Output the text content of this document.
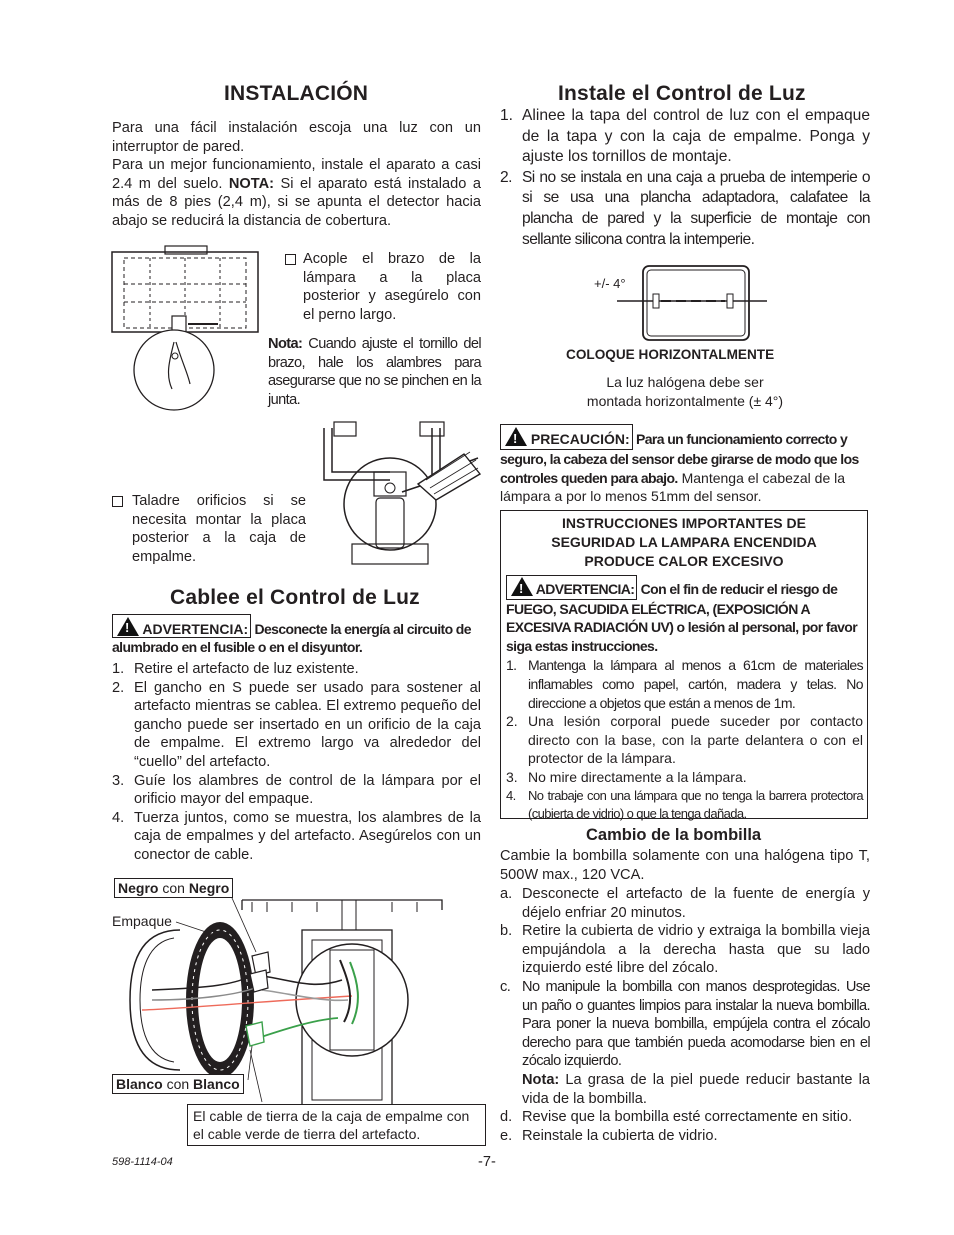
INSTALACIÓN

Para una fácil instalación escoja una luz con un interruptor de pared.

Para un mejor funcionamiento, instale el aparato a casi 2.4 m del suelo. NOTA: Si el aparato está instalado a más de 8 pies (2,4 m), si se apunta el detector hacia abajo se reducirá la distancia de cobertura.

Acople el brazo de la lámpara a la placa posterior y asegúrelo con el perno largo.

Nota: Cuando ajuste el tornillo del brazo, hale los alambres para asegurarse que no se pinchen en la junta.

Taladre orificios si se necesita montar la placa posterior a la caja de empalme.
Cablee el Control de Luz
! ADVERTENCIA: Desconecte la energía al circuito de alumbrado en el fusible o en el disyuntor.
1. Retire el artefacto de luz existente.
2. El gancho en S puede ser usado para sostener al artefacto mientras se cablea. El extremo pequeño del gancho puede ser insertado en un orificio de la caja de empalme. El extremo largo va alrededor del “cuello” del artefacto.
3. Guíe los alambres de control de la lámpara por el orificio mayor del empaque.
4. Tuerza juntos, como se muestra, los alambres de la caja de empalmes y del artefacto. Asegúrelos con un conector de cable.
Negro con Negro
Empaque
Blanco con Blanco
El cable de tierra de la caja de empalme con el cable verde de tierra del artefacto.
598-1114-04	-7-
Instale el Control de Luz
1. Alinee la tapa del control de luz con el empaque de la tapa y con la caja de empalme. Ponga y ajuste los tornillos de montaje.
2. Si no se instala en una caja a prueba de intemperie o si se usa una plancha adaptadora, calafatee la plancha de pared y la superficie de montaje con sellante silicona contra la intemperie.
+/- 4°
COLOQUE HORIZONTALMENTE
La luz halógena debe ser
montada horizontalmente (± 4°)
! PRECAUCIÓN: Para un funcionamiento correcto y seguro, la cabeza del sensor debe girarse de modo que los controles queden para abajo. Mantenga el cabezal de la lámpara a por lo menos 51mm del sensor.
INSTRUCCIONES IMPORTANTES DE
SEGURIDAD LA LAMPARA ENCENDIDA
PRODUCE CALOR EXCESIVO
! ADVERTENCIA: Con el fin de reducir el riesgo de FUEGO, SACUDIDA ELÉCTRICA, (EXPOSICIÓN A EXCESIVA RADIACIÓN UV) o lesión al personal, por favor siga estas instrucciones.
1. Mantenga la lámpara al menos a 61cm de materiales inflamables como papel, cartón, madera y telas. No direccione a objetos que están a menos de 1m.
2. Una lesión corporal puede suceder por contacto directo con la base, con la parte delantera o con el protector de la lámpara.
3. No mire directamente a la lámpara.
4. No trabaje con una lámpara que no tenga la barrera protectora (cubierta de vidrio) o que la tenga dañada.
Cambio de la bombilla

Cambie la bombilla solamente con una halógena tipo T, 500W max., 120 VCA.

a. Desconecte el artefacto de la fuente de energía y déjelo enfriar 20 minutos.
b. Retire la cubierta de vidrio y extraiga la bombilla vieja empujándola a la derecha hasta que su lado izquierdo esté libre del zócalo.
c. No manipule la bombilla con manos desprotegidas. Use un paño o guantes limpios para instalar la nueva bombilla. Para poner la nueva bombilla, empújela contra el zócalo derecho para que también pueda acomodarse bien en el zócalo izquierdo.
Nota: La grasa de la piel puede reducir bastante la vida de la bombilla.
d. Revise que la bombilla esté correctamente en sitio.
e. Reinstale la cubierta de vidrio.
